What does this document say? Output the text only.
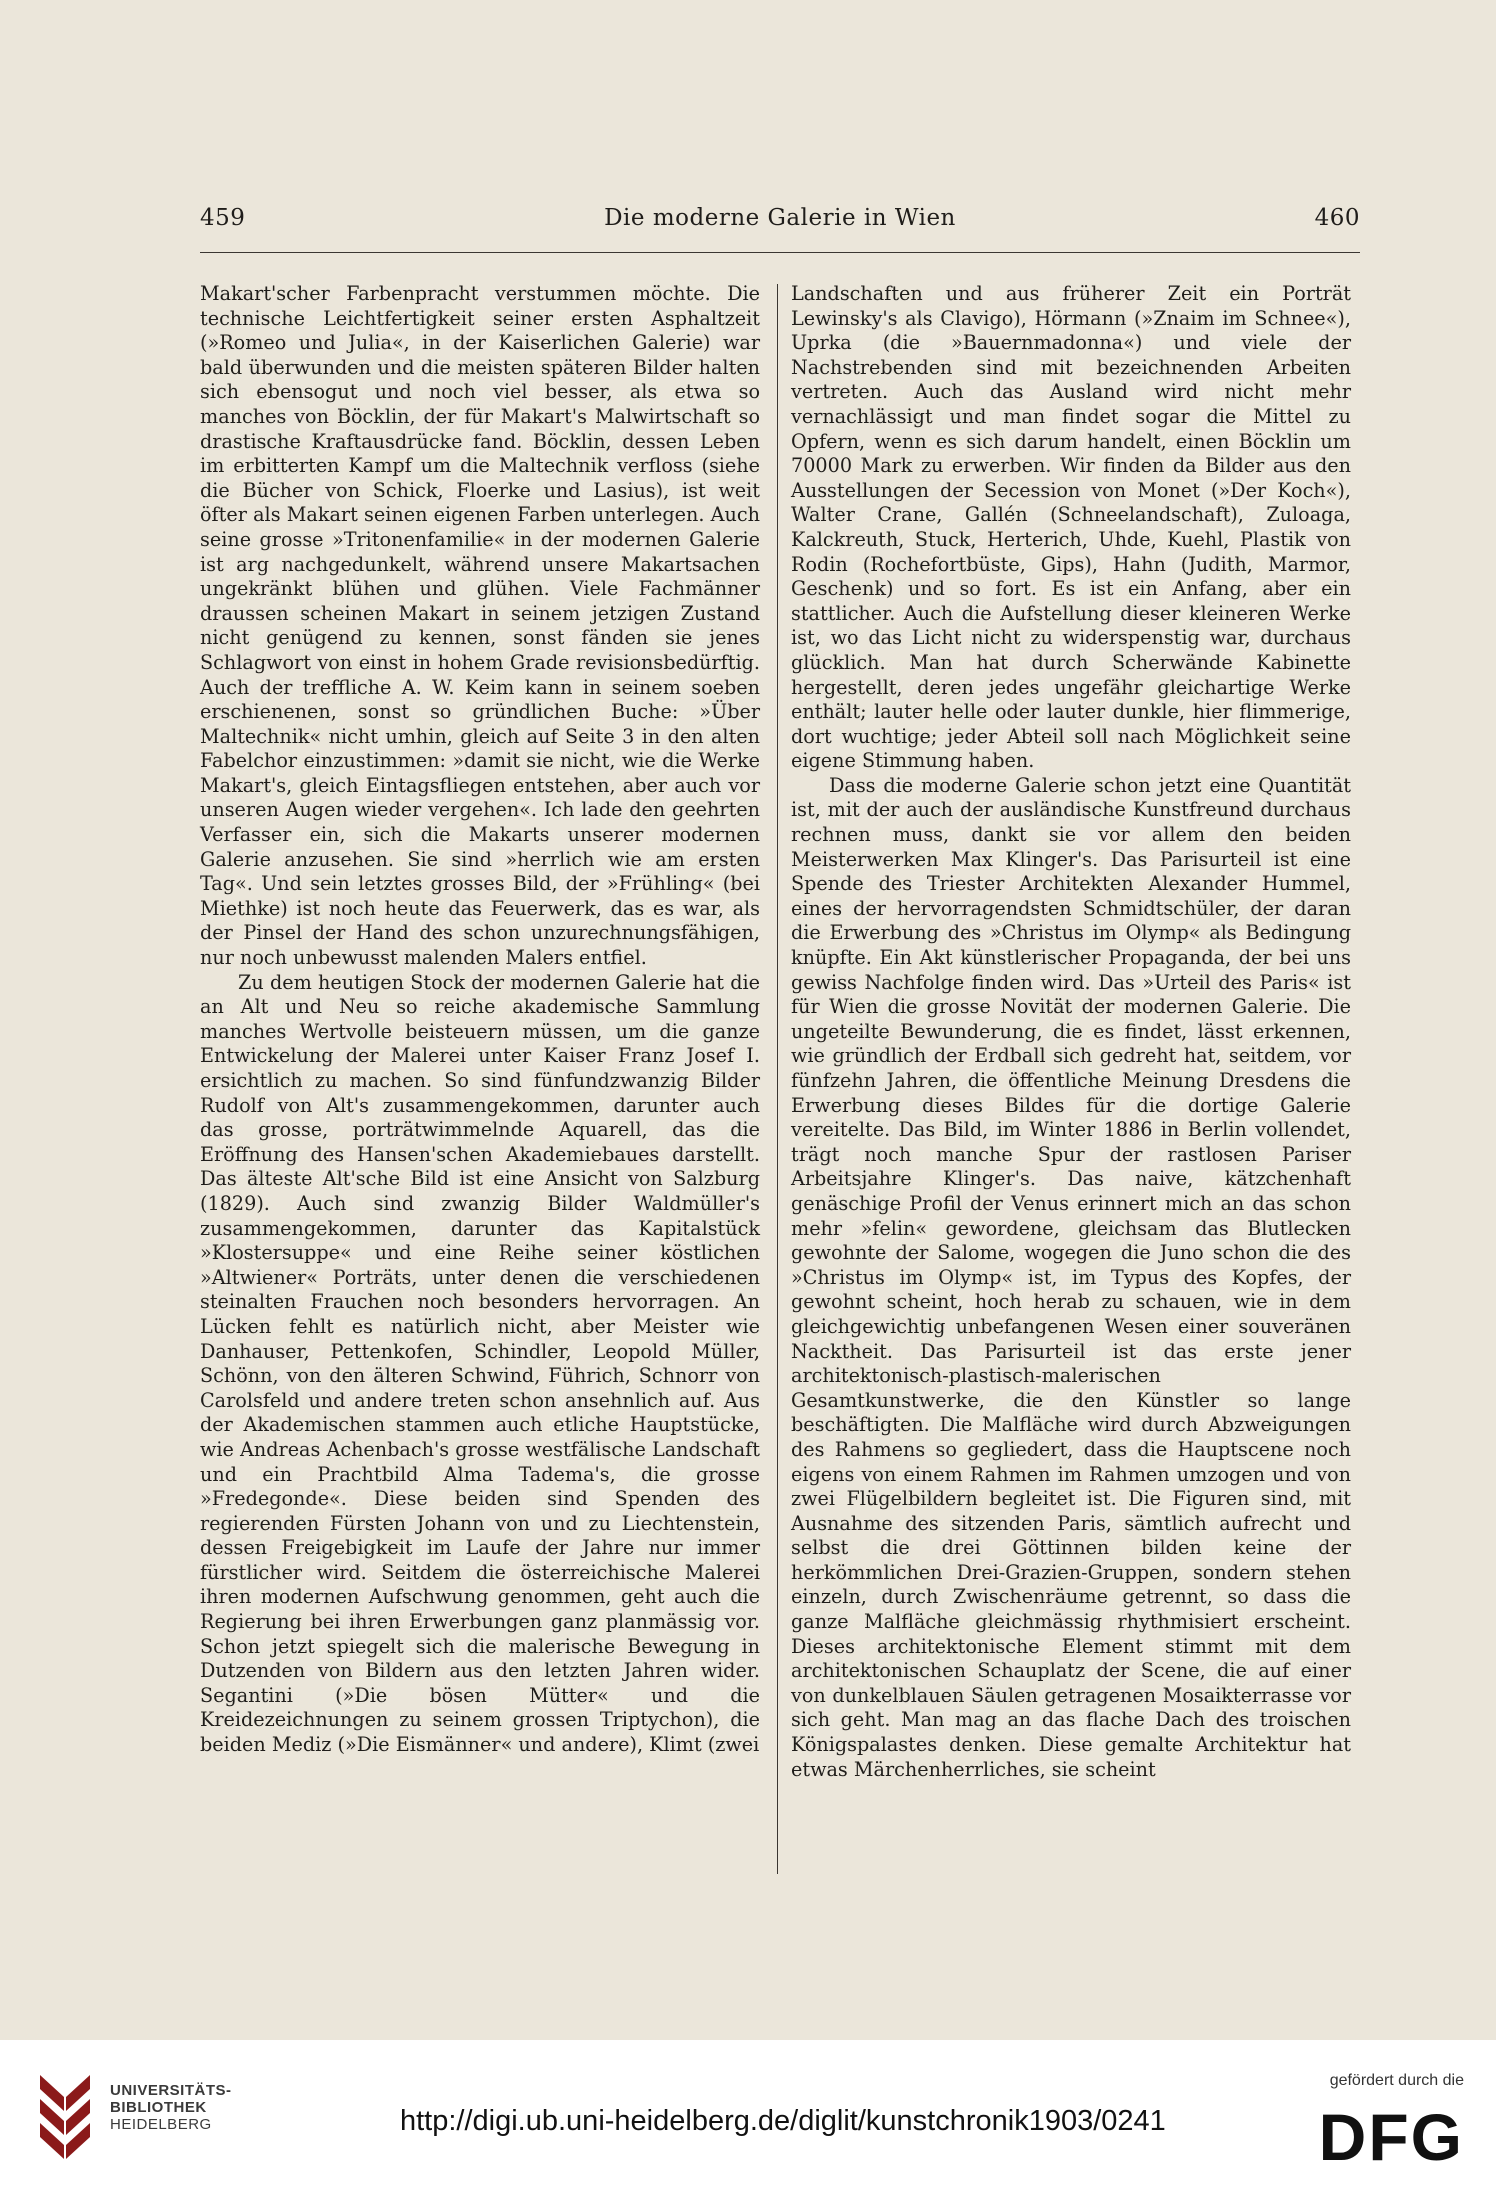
459	Die moderne Galerie in Wien	460

Makart'scher Farbenpracht verstummen möchte. Die technische Leichtfertigkeit seiner ersten Asphaltzeit (»Romeo und Julia«, in der Kaiserlichen Galerie) war bald überwunden und die meisten späteren Bilder halten sich ebensogut und noch viel besser, als etwa so manches von Böcklin, der für Makart's Malwirtschaft so drastische Kraftausdrücke fand. Böcklin, dessen Leben im erbitterten Kampf um die Maltechnik verfloss (siehe die Bücher von Schick, Floerke und Lasius), ist weit öfter als Makart seinen eigenen Farben unterlegen. Auch seine grosse »Tritonenfamilie« in der modernen Galerie ist arg nachgedunkelt, während unsere Makartsachen ungekränkt blühen und glühen. Viele Fachmänner draussen scheinen Makart in seinem jetzigen Zustand nicht genügend zu kennen, sonst fänden sie jenes Schlagwort von einst in hohem Grade revisionsbedürftig. Auch der treffliche A. W. Keim kann in seinem soeben erschienenen, sonst so gründlichen Buche: »Über Maltechnik« nicht umhin, gleich auf Seite 3 in den alten Fabelchor einzustimmen: »damit sie nicht, wie die Werke Makart's, gleich Eintagsfliegen entstehen, aber auch vor unseren Augen wieder vergehen«. Ich lade den geehrten Verfasser ein, sich die Makarts unserer modernen Galerie anzusehen. Sie sind »herrlich wie am ersten Tag«. Und sein letztes grosses Bild, der »Frühling« (bei Miethke) ist noch heute das Feuerwerk, das es war, als der Pinsel der Hand des schon unzurechnungsfähigen, nur noch unbewusst malenden Malers entfiel.

Zu dem heutigen Stock der modernen Galerie hat die an Alt und Neu so reiche akademische Sammlung manches Wertvolle beisteuern müssen, um die ganze Entwickelung der Malerei unter Kaiser Franz Josef I. ersichtlich zu machen. So sind fünfundzwanzig Bilder Rudolf von Alt's zusammengekommen, darunter auch das grosse, porträtwimmelnde Aquarell, das die Eröffnung des Hansen'schen Akademiebaues darstellt. Das älteste Alt'sche Bild ist eine Ansicht von Salzburg (1829). Auch sind zwanzig Bilder Waldmüller's zusammengekommen, darunter das Kapitalstück »Klostersuppe« und eine Reihe seiner köstlichen »Altwiener« Porträts, unter denen die verschiedenen steinalten Frauchen noch besonders hervorragen. An Lücken fehlt es natürlich nicht, aber Meister wie Danhauser, Pettenkofen, Schindler, Leopold Müller, Schönn, von den älteren Schwind, Führich, Schnorr von Carolsfeld und andere treten schon ansehnlich auf. Aus der Akademischen stammen auch etliche Hauptstücke, wie Andreas Achenbach's grosse westfälische Landschaft und ein Prachtbild Alma Tadema's, die grosse »Fredegonde«. Diese beiden sind Spenden des regierenden Fürsten Johann von und zu Liechtenstein, dessen Freigebigkeit im Laufe der Jahre nur immer fürstlicher wird. Seitdem die österreichische Malerei ihren modernen Aufschwung genommen, geht auch die Regierung bei ihren Erwerbungen ganz planmässig vor. Schon jetzt spiegelt sich die malerische Bewegung in Dutzenden von Bildern aus den letzten Jahren wider. Segantini (»Die bösen Mütter« und die Kreidezeichnungen zu seinem grossen Triptychon), die beiden Mediz (»Die Eismänner« und andere), Klimt (zwei

Landschaften und aus früherer Zeit ein Porträt Lewinsky's als Clavigo), Hörmann (»Znaim im Schnee«), Uprka (die »Bauernmadonna«) und viele der Nachstrebenden sind mit bezeichnenden Arbeiten vertreten. Auch das Ausland wird nicht mehr vernachlässigt und man findet sogar die Mittel zu Opfern, wenn es sich darum handelt, einen Böcklin um 70000 Mark zu erwerben. Wir finden da Bilder aus den Ausstellungen der Secession von Monet (»Der Koch«), Walter Crane, Gallén (Schneelandschaft), Zuloaga, Kalckreuth, Stuck, Herterich, Uhde, Kuehl, Plastik von Rodin (Rochefortbüste, Gips), Hahn (Judith, Marmor, Geschenk) und so fort. Es ist ein Anfang, aber ein stattlicher. Auch die Aufstellung dieser kleineren Werke ist, wo das Licht nicht zu widerspenstig war, durchaus glücklich. Man hat durch Scherwände Kabinette hergestellt, deren jedes ungefähr gleichartige Werke enthält; lauter helle oder lauter dunkle, hier flimmerige, dort wuchtige; jeder Abteil soll nach Möglichkeit seine eigene Stimmung haben.

Dass die moderne Galerie schon jetzt eine Quantität ist, mit der auch der ausländische Kunstfreund durchaus rechnen muss, dankt sie vor allem den beiden Meisterwerken Max Klinger's. Das Parisurteil ist eine Spende des Triester Architekten Alexander Hummel, eines der hervorragendsten Schmidtschüler, der daran die Erwerbung des »Christus im Olymp« als Bedingung knüpfte. Ein Akt künstlerischer Propaganda, der bei uns gewiss Nachfolge finden wird. Das »Urteil des Paris« ist für Wien die grosse Novität der modernen Galerie. Die ungeteilte Bewunderung, die es findet, lässt erkennen, wie gründlich der Erdball sich gedreht hat, seitdem, vor fünfzehn Jahren, die öffentliche Meinung Dresdens die Erwerbung dieses Bildes für die dortige Galerie vereitelte. Das Bild, im Winter 1886 in Berlin vollendet, trägt noch manche Spur der rastlosen Pariser Arbeitsjahre Klinger's. Das naive, kätzchenhaft genäschige Profil der Venus erinnert mich an das schon mehr »felin« gewordene, gleichsam das Blutlecken gewohnte der Salome, wogegen die Juno schon die des »Christus im Olymp« ist, im Typus des Kopfes, der gewohnt scheint, hoch herab zu schauen, wie in dem gleichgewichtig unbefangenen Wesen einer souveränen Nacktheit. Das Parisurteil ist das erste jener architektonisch-plastisch-malerischen Gesamtkunstwerke, die den Künstler so lange beschäftigten. Die Malfläche wird durch Abzweigungen des Rahmens so gegliedert, dass die Hauptscene noch eigens von einem Rahmen im Rahmen umzogen und von zwei Flügelbildern begleitet ist. Die Figuren sind, mit Ausnahme des sitzenden Paris, sämtlich aufrecht und selbst die drei Göttinnen bilden keine der herkömmlichen Drei-Grazien-Gruppen, sondern stehen einzeln, durch Zwischenräume getrennt, so dass die ganze Malfläche gleichmässig rhythmisiert erscheint. Dieses architektonische Element stimmt mit dem architektonischen Schauplatz der Scene, die auf einer von dunkelblauen Säulen getragenen Mosaikterrasse vor sich geht. Man mag an das flache Dach des troischen Königspalastes denken. Diese gemalte Architektur hat etwas Märchenherrliches, sie scheint

UNIVERSITÄTS-
BIBLIOTHEK
HEIDELBERG	http://digi.ub.uni-heidelberg.de/diglit/kunstchronik1903/0241
gefördert durch die
DFG
